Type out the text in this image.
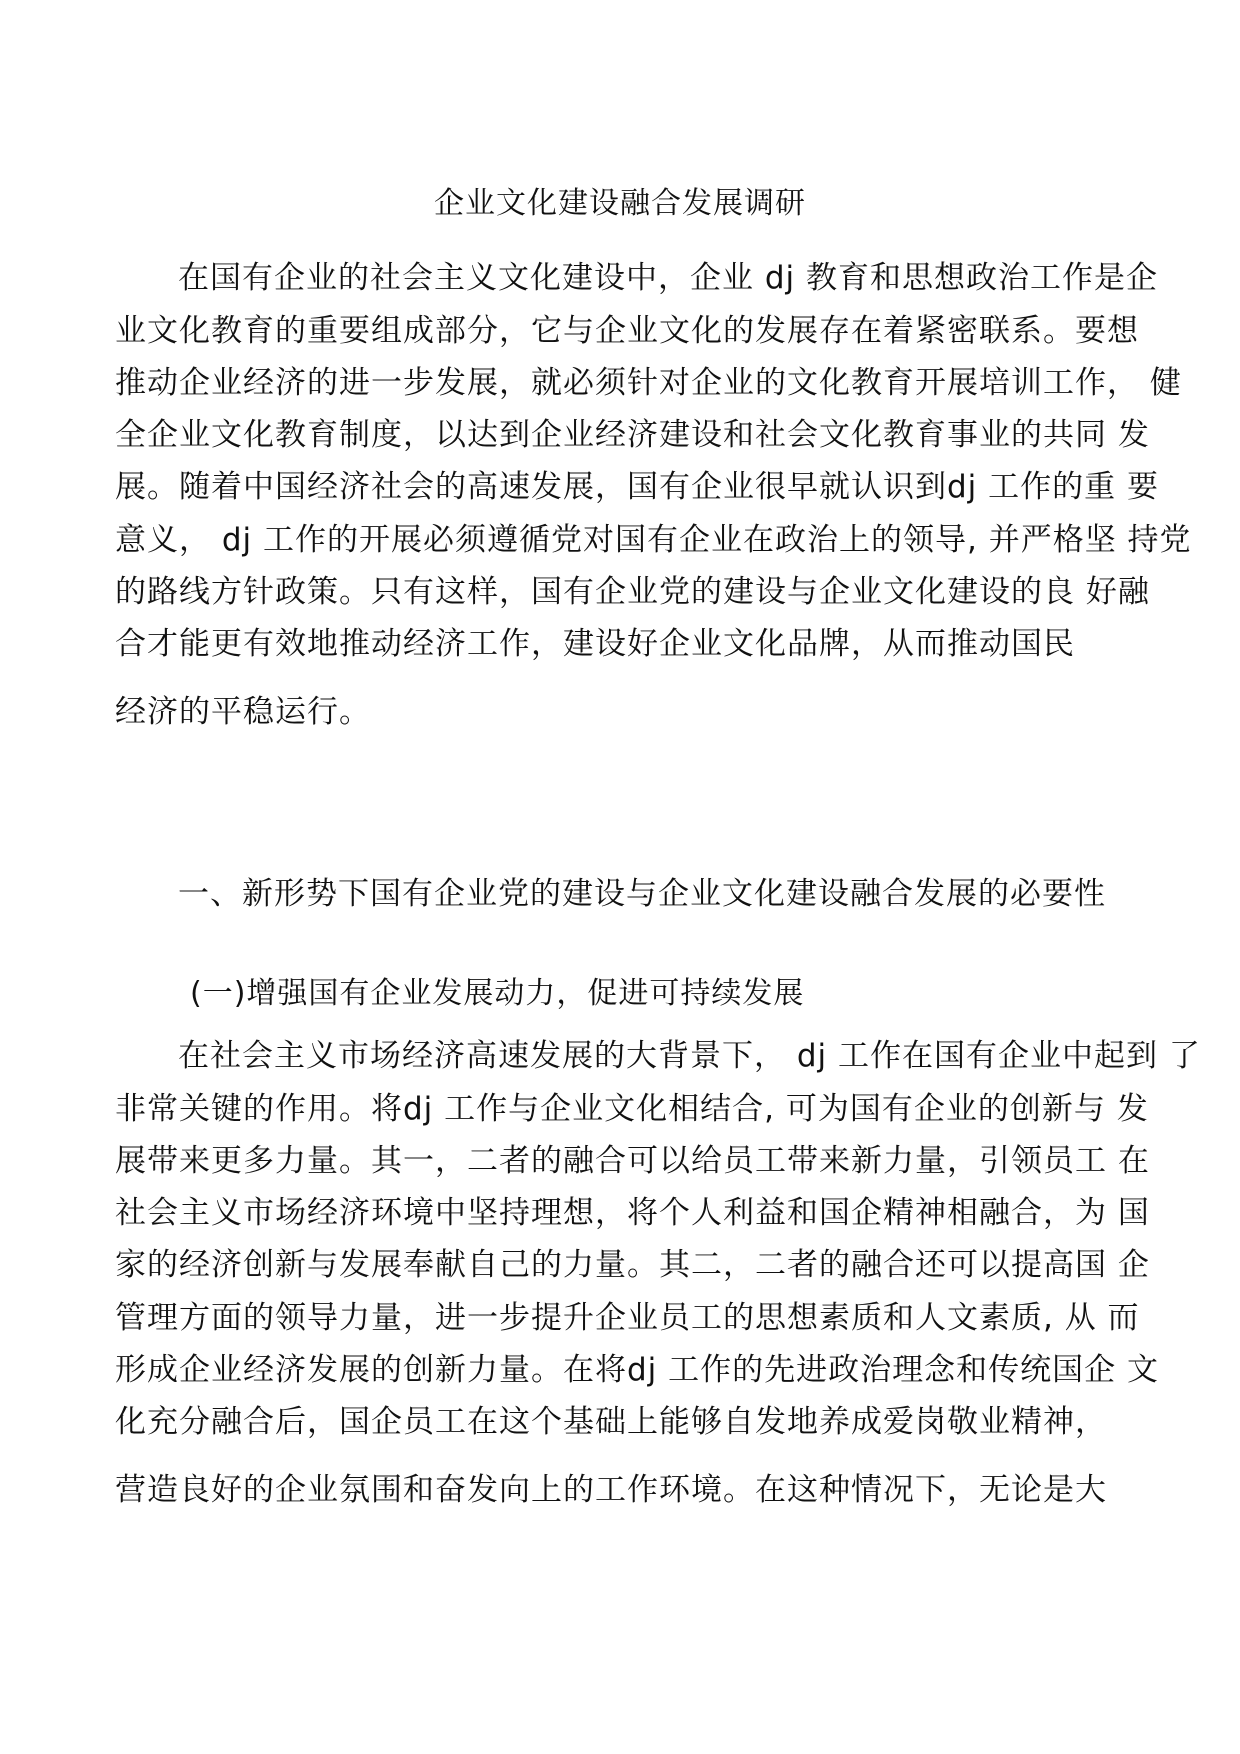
企业文化建设融合发展调研
在国有企业的社会主义文化建设中，企业 dj 教育和思想政治工作是企
业文化教育的重要组成部分，它与企业文化的发展存在着紧密联系。要想
推动企业经济的进一步发展，就必须针对企业的文化教育开展培训工作， 健
全企业文化教育制度，以达到企业经济建设和社会文化教育事业的共同 发
展。随着中国经济社会的高速发展，国有企业很早就认识到dj 工作的重 要
意义， dj 工作的开展必须遵循党对国有企业在政治上的领导, 并严格坚 持党
的路线方针政策。只有这样，国有企业党的建设与企业文化建设的良 好融
合才能更有效地推动经济工作，建设好企业文化品牌，从而推动国民
经济的平稳运行。
一、新形势下国有企业党的建设与企业文化建设融合发展的必要性
(一)增强国有企业发展动力，促进可持续发展
在社会主义市场经济高速发展的大背景下， dj 工作在国有企业中起到 了
非常关键的作用。将dj 工作与企业文化相结合, 可为国有企业的创新与 发
展带来更多力量。其一，二者的融合可以给员工带来新力量，引领员工 在
社会主义市场经济环境中坚持理想，将个人利益和国企精神相融合，为 国
家的经济创新与发展奉献自己的力量。其二，二者的融合还可以提高国 企
管理方面的领导力量，进一步提升企业员工的思想素质和人文素质, 从 而
形成企业经济发展的创新力量。在将dj 工作的先进政治理念和传统国企 文
化充分融合后，国企员工在这个基础上能够自发地养成爱岗敬业精神，
营造良好的企业氛围和奋发向上的工作环境。在这种情况下，无论是大
